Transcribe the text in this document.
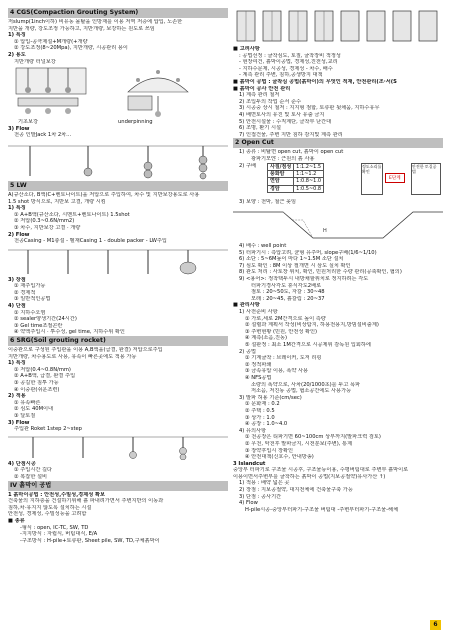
4 CGS(Compaction Grouting System)
저slump(1inch이하) 비유동 몰탈을 인방재를 이용 저역 저증에 압입, 노손한
지반을 개량, 강도조정 가능하고, 지반개량, 보강하는 원도로 쓰임
1) 특징
① 압입-공극제설+M개량(+개량
② 강도조정(8~20Mpa), 지반개량, 시공관리 용이
2) 용도
지반개량 터널보강
기초보강	underpinning
3) Flow
천공 인발Jack 1차 2차...
5 LW
A(규산소다, B액(C+벤토나이트)을 저압으로 주입하여, 차수 및 지반보강용도로 사용
1.5 shot 방식으로, 지반보 고결, 개량 시킴
1) 특징
① A+B액(규산소다, 시멘트+벤토나이트) 1.5shot
② 저압(0.3~0.6N/mm2)
③ 차수, 지반보강 고결 · 개량
2) Flow
천공Casing - M1충설 - 벨재Casing 1 - double packer - LW주입
3) 장점
① 재주입가능
② 경제적
③ 일반적인공법
4) 단점
① 지하수오염
② sealer양생기간(24시간)
③ Gel time조절곤란
④ 약액주입시 · 투수성, gel time, 지하수위 확인
6 SRG(Soil grouting rocket)
이중관으로 구성된 주입관을 이용 A,B액을(급결, 완결) 저압으로주입
지반개량, 차수용도로 사용, 유속이 빠른곳에도 적용 가능
1) 특징
① 저압(0.4~0.8N/mm)
② A+B액, 급결, 완결 주입
③ 공길한 침투 가능
④ 이중관(쉬운조련)
2) 적용
① 유속빠른
② 심도 40M이내
③ 달토질
3) Flow
주입관 Roket 1step 2~step
4) 단점시공
① 주입시간 길다
② 복잡한 설비
IV 흙막이 공법
1 흙막이공법 : 안전성,수밀성,경제성 확보
건축물의 지하층을 건설하기위해 흙 파내려가면서 주변지반의 이동과
침하,차·유지지 않도록 설치하는 시설
안전성, 경제성, 수밀성등을 고려함
■ 종류
-형식 : open, IC-TC, SW, TD
-지지방식 : 자립식, 버팀대식, E/A
-구조방식 : H-pile+토류판, Sheet pile, SW, TD,구체흙막이
■ 고려사항
: 공법선정 : 굴착심도, 토질, 굴착장비 적정성
- 현장여건, 흙막이공법, 경제성,진전성,교리
- 지하수문제, 시공성, 경제성 - 차수, 배수
- 계측 관리 주변, 침하,공생방지 대책
■ 흙막이 공법 : 굴착심 공법(흙막이)의 무엇인 적재, 안전관리(조·서(S
■ 흙막이 공사 안전 관리
1) 계측 관리 철저
2) 조입두의 작업 순서 준수
3) 시공중 상시 철저 : 지지형 점합, 토류판 뒷채움, 지하수유무
4) 배면토사의 유진 및 토사 유출 금지
5) 안전시설물 : 수직계단, 클착부 난간대
6) 조명, 환기 시설
7) 인접건물, 주변 지반 침하 감지및 계측 관리
2 Open Cut
1) 종류 : 비탈면 open cut, 흙막이 open cut
광파기모얀 : 근원의 흙 사용
2) 구배	사질/점성	1:1.2~1.5
풍화암	1:1~1.2
연암	1:0.8~1.0
경암	1:0.5~0.8
정도소리를 확인
E단계
안전한 토질공법
3) 보양 : 천막, 철근 꽂임
H
4) 배수 : well point
5) 터파기시 : 측압고려, 균형 유주머, slope구배(1/6~1/10)
6) 소단 : 5~6M높이 마다 1~1.5M 소단 설치
7) 심도 확인 : 8M 이상 절개면 시 삼도 실치 확인
8) 관도 처리 : 사토장 위치, 확인, 민원처리한 수량 관리(공축확인, 협의)
9) <용어>: 정착택두시 내방채할위치로 정지하려는 각도
터파기경사각도 휴식각도2배로
점토 : 20~50도, 자갈 : 30~48
모래 : 20~45, 흙갈림 : 20~37
■ 관리사항
1) 사전준비 사항
① 가로,세로 2M간격으로 높이 측량
② 설렬과 계획서 작성(비상탐지, 하용전용지,방빔설비출계)
③ 주변현황 (민원, 안전성 확인)
④ 계측(소음,진동)
⑤ 설판정 : 최소 1M간격으로 시공제위 감독원 입회하에
2) 공법
① 기계굴착 : 브레이커, 도저 리핑
② 정적파쇄
③ 금속유압 이용, 폭약 사용
④ NFS공법
소량의 폭약으로, 사차(20/1000초)를 두고 폭파
저소음, 저진동 공법, 협소공간에도 사용가능
3) 발파 허용 기준(cm/sec)
① 문화재 : 0.2
② 주택 : 0.5
③ 상가 : 1.0
④ 공장 : 1.0~4.0
4) 유의사항
① 천공장은 티파기면 60~100cm 상부까지(발파크력 검토)
② 우천, 악천후 발파금지, 시전분보(주변), 통제
③ 장약후입시 장확인
④ 안전대책(신호수, 안내방송)
3 Islandcut
중앙부 터파기로 구조물 시공후, 구조물등이용, 수평버팀대로 주변부 흙막이로
이용이면서주변부를 굴착하는 흙막이 공법(지보공절약)유사가산 ↑)
1) 적용 : 배약 넓은 곳
2) 장점 : 지보공절약, 대지전체에 건축물구축 가능
3) 단점 : 공사기간
4) Flow
H-pile시공-중앙부터파기-구조물 버팀대 -주변부터파기-구조물-해체
6
